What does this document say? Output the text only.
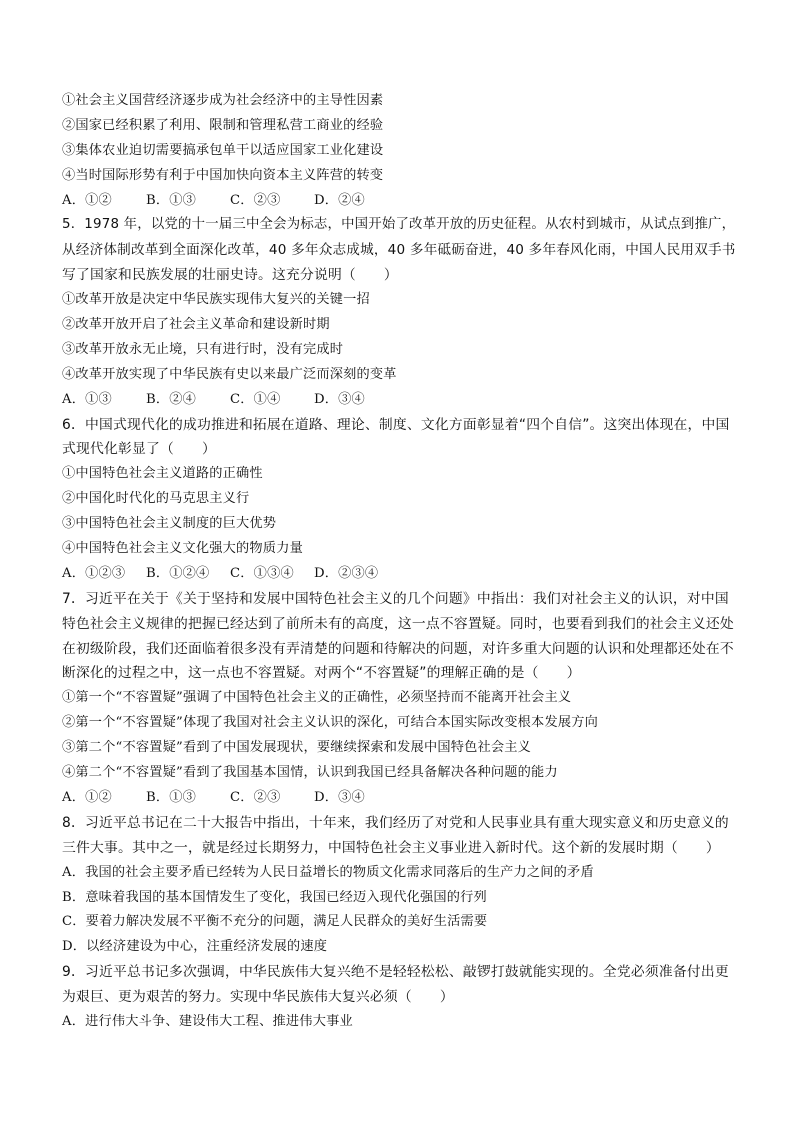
①社会主义国营经济逐步成为社会经济中的主导性因素
②国家已经积累了利用、限制和管理私营工商业的经验
③集体农业迫切需要搞承包单干以适应国家工业化建设
④当时国际形势有利于中国加快向资本主义阵营的转变
A．①②	B．①③	C．②③	D．②④
5．1978 年，以党的十一届三中全会为标志，中国开始了改革开放的历史征程。从农村到城市，从试点到推广，
从经济体制改革到全面深化改革，40 多年众志成城，40 多年砥砺奋进，40 多年春风化雨，中国人民用双手书
写了国家和民族发展的壮丽史诗。这充分说明（　　）
①改革开放是决定中华民族实现伟大复兴的关键一招
②改革开放开启了社会主义革命和建设新时期
③改革开放永无止境，只有进行时，没有完成时
④改革开放实现了中华民族有史以来最广泛而深刻的变革
A．①③	B．②④	C．①④	D．③④
6．中国式现代化的成功推进和拓展在道路、理论、制度、文化方面彰显着“四个自信”。这突出体现在，中国
式现代化彰显了（　　）
①中国特色社会主义道路的正确性
②中国化时代化的马克思主义行
③中国特色社会主义制度的巨大优势
④中国特色社会主义文化强大的物质力量
A．①②③	B．①②④	C．①③④	D．②③④
7．习近平在关于《关于坚持和发展中国特色社会主义的几个问题》中指出：我们对社会主义的认识，对中国
特色社会主义规律的把握已经达到了前所未有的高度，这一点不容置疑。同时，也要看到我们的社会主义还处
在初级阶段，我们还面临着很多没有弄清楚的问题和待解决的问题，对许多重大问题的认识和处理都还处在不
断深化的过程之中，这一点也不容置疑。对两个“不容置疑”的理解正确的是（　　）
①第一个“不容置疑”强调了中国特色社会主义的正确性，必须坚持而不能离开社会主义
②第一个“不容置疑”体现了我国对社会主义认识的深化，可结合本国实际改变根本发展方向
③第二个“不容置疑”看到了中国发展现状，要继续探索和发展中国特色社会主义
④第二个“不容置疑”看到了我国基本国情，认识到我国已经具备解决各种问题的能力
A．①②	B．①③	C．②③	D．③④
8．习近平总书记在二十大报告中指出，十年来，我们经历了对党和人民事业具有重大现实意义和历史意义的
三件大事。其中之一，就是经过长期努力，中国特色社会主义事业进入新时代。这个新的发展时期（　　）
A．我国的社会主要矛盾已经转为人民日益增长的物质文化需求同落后的生产力之间的矛盾
B．意味着我国的基本国情发生了变化，我国已经迈入现代化强国的行列
C．要着力解决发展不平衡不充分的问题，满足人民群众的美好生活需要
D．以经济建设为中心，注重经济发展的速度
9．习近平总书记多次强调，中华民族伟大复兴绝不是轻轻松松、敲锣打鼓就能实现的。全党必须准备付出更
为艰巨、更为艰苦的努力。实现中华民族伟大复兴必须（　　）
A．进行伟大斗争、建设伟大工程、推进伟大事业
